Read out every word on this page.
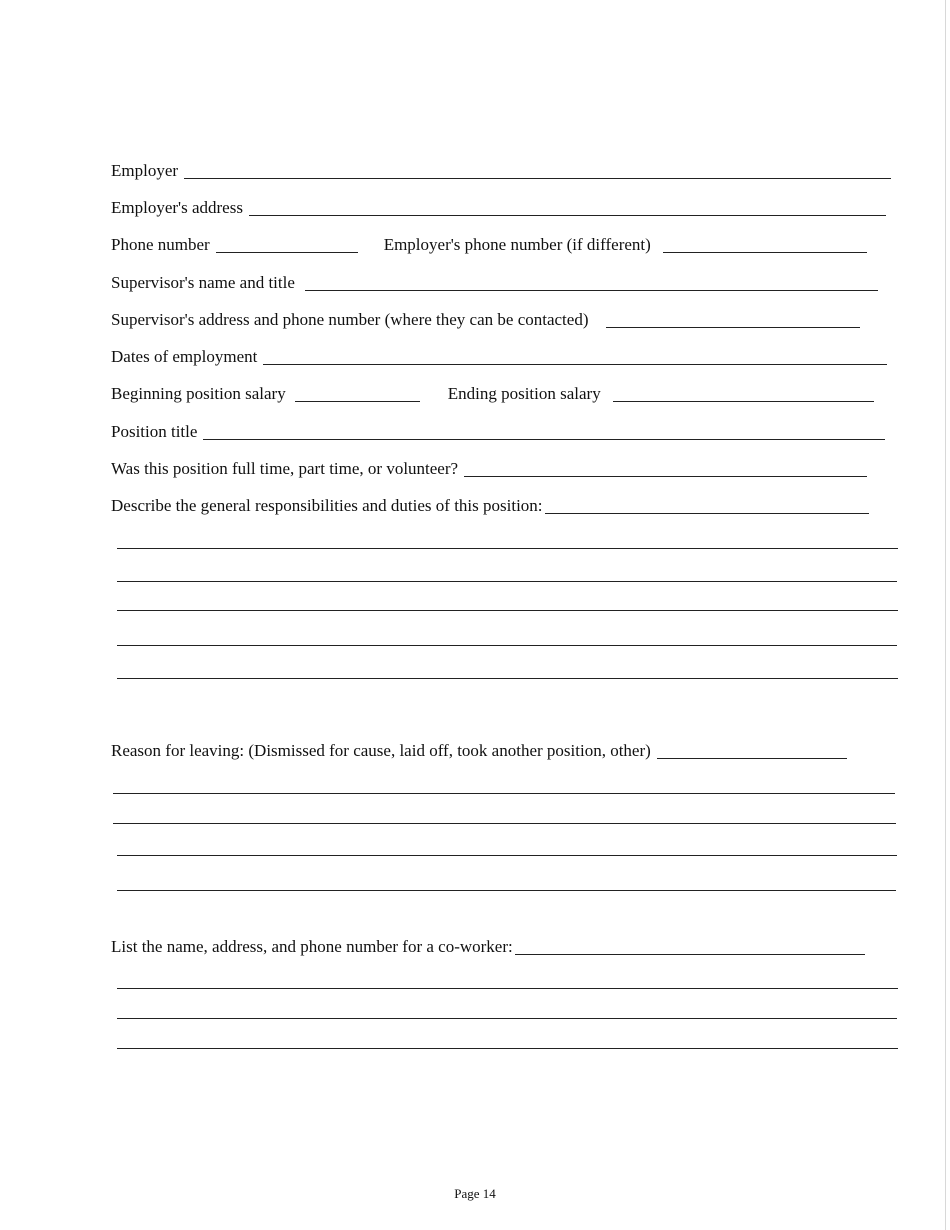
Employer
Employer's address
Phone number	Employer's phone number (if different)
Supervisor's name and title
Supervisor's address and phone number (where they can be contacted)
Dates of employment
Beginning position salary	Ending position salary
Position title
Was this position full time, part time, or volunteer?
Describe the general responsibilities and duties of this position:
Reason for leaving: (Dismissed for cause, laid off, took another position, other)
List the name, address, and phone number for a co-worker:
Page 14
